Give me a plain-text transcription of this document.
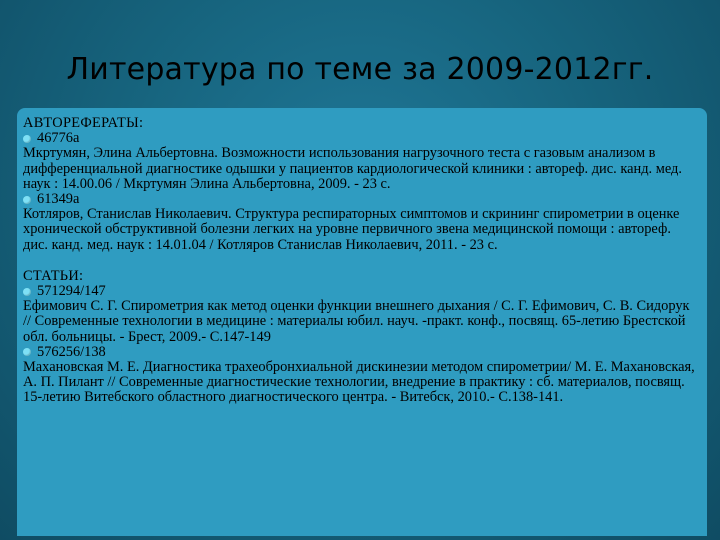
Литература по теме за 2009-2012гг.

АВТОРЕФЕРАТЫ:

46776а

Мкртумян, Элина Альбертовна. Возможности использования нагрузочного теста с газовым анализом в дифференциальной диагностике одышки у пациентов кардиологической клиники : автореф. дис. канд. мед. наук : 14.00.06 / Мкртумян Элина Альбертовна, 2009. - 23 с.

61349а

Котляров, Станислав Николаевич. Структура респираторных симптомов и скрининг спирометрии в оценке хронической обструктивной болезни легких на уровне первичного звена медицинской помощи : автореф. дис. канд. мед. наук : 14.01.04 / Котляров Станислав Николаевич, 2011. - 23 с.

СТАТЬИ:

571294/147

Ефимович С. Г. Спирометрия как метод оценки функции внешнего дыхания / С. Г. Ефимович, С. В. Сидорук // Современные технологии в медицине : материалы юбил. науч. -практ. конф., посвящ. 65-летию Брестской обл. больницы. - Брест, 2009.- С.147-149

576256/138

Махановская М. Е. Диагностика трахеобронхиальной дискинезии методом спирометрии/ М. Е. Махановская, А. П. Пилант // Современные диагностические технологии, внедрение в практику : сб. материалов, посвящ. 15-летию Витебского областного диагностического центра. - Витебск, 2010.- С.138-141.
